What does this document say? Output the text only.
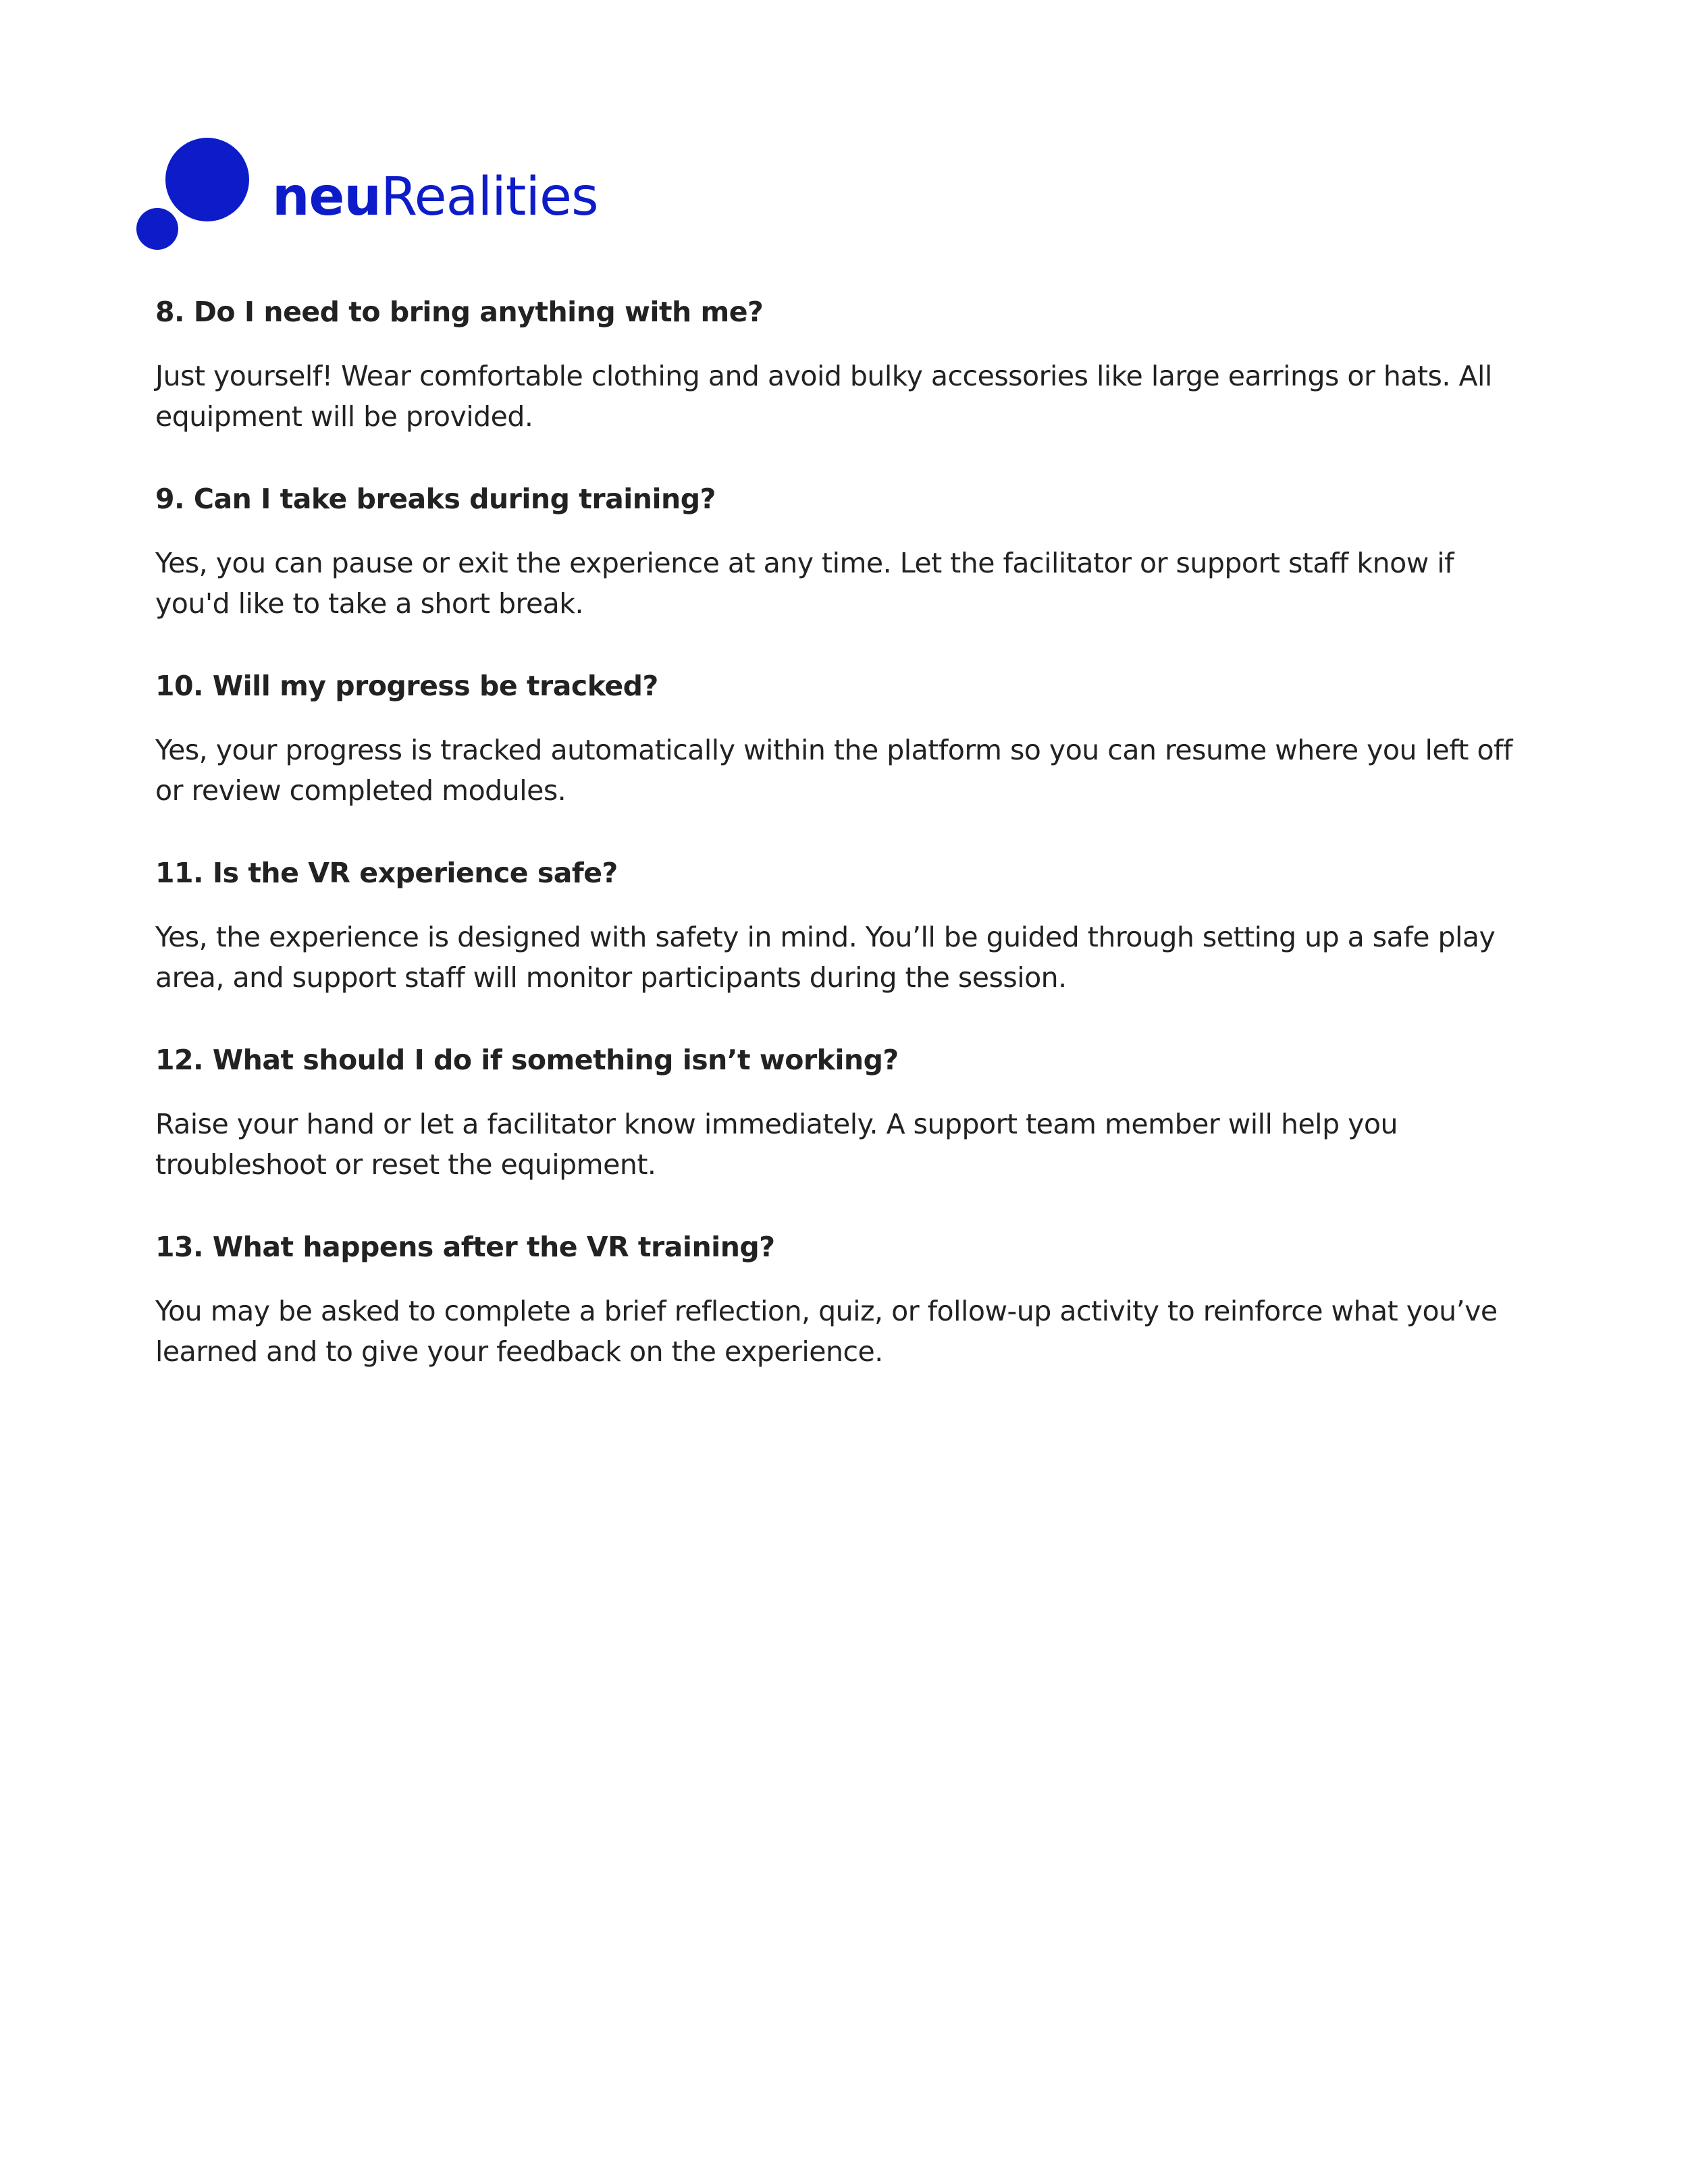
neuRealities

8. Do I need to bring anything with me?

Just yourself! Wear comfortable clothing and avoid bulky accessories like large earrings or hats. All equipment will be provided.

9. Can I take breaks during training?

Yes, you can pause or exit the experience at any time. Let the facilitator or support staff know if you'd like to take a short break.

10. Will my progress be tracked?

Yes, your progress is tracked automatically within the platform so you can resume where you left off or review completed modules.

11. Is the VR experience safe?

Yes, the experience is designed with safety in mind. You’ll be guided through setting up a safe play area, and support staff will monitor participants during the session.

12. What should I do if something isn’t working?

Raise your hand or let a facilitator know immediately. A support team member will help you troubleshoot or reset the equipment.

13. What happens after the VR training?

You may be asked to complete a brief reflection, quiz, or follow-up activity to reinforce what you’ve learned and to give your feedback on the experience.
